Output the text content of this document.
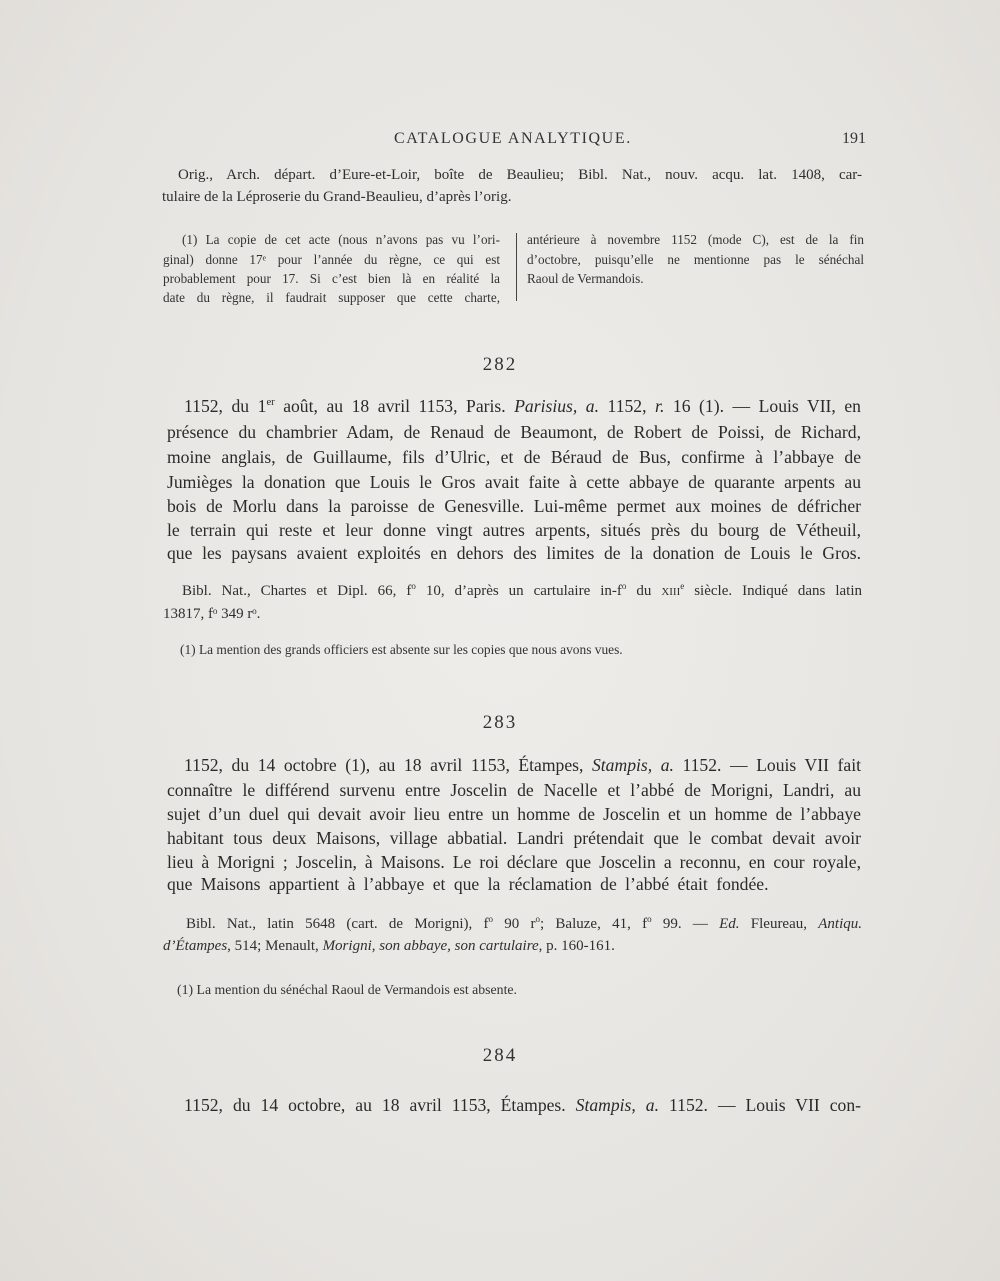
CATALOGUE ANALYTIQUE.	191
Orig., Arch. départ. d’Eure-et-Loir, boîte de Beaulieu; Bibl. Nat., nouv. acqu. lat. 1408, car-
tulaire de la Léproserie du Grand-Beaulieu, d’après l’orig.
(1) La copie de cet acte (nous n’avons pas vu l’ori-
ginal) donne 17ᵉ pour l’année du règne, ce qui est
probablement pour 17. Si c’est bien là en réalité la
date du règne, il faudrait supposer que cette charte,
antérieure à novembre 1152 (mode C), est de la fin
d’octobre, puisqu’elle ne mentionne pas le sénéchal
Raoul de Vermandois.
282
1152, du 1er août, au 18 avril 1153, Paris. Parisius, a. 1152, r. 16 (1). — Louis VII, en
présence du chambrier Adam, de Renaud de Beaumont, de Robert de Poissi, de Richard,
moine anglais, de Guillaume, fils d’Ulric, et de Béraud de Bus, confirme à l’abbaye de
Jumièges la donation que Louis le Gros avait faite à cette abbaye de quarante arpents au
bois de Morlu dans la paroisse de Genesville. Lui-même permet aux moines de défricher
le terrain qui reste et leur donne vingt autres arpents, situés près du bourg de Vétheuil,
que les paysans avaient exploités en dehors des limites de la donation de Louis le Gros.
Bibl. Nat., Chartes et Dipl. 66, $f^o$ 10, d’après un cartulaire $in-f^o$ du xiii$^e$ siècle. Indiqué dans latin
13817, fᵒ 349 rᵒ.
(1) La mention des grands officiers est absente sur les copies que nous avons vues.
283
1152, du 14 octobre (1), au 18 avril 1153, Étampes, Stampis, a. 1152. — Louis VII fait
connaître le différend survenu entre Joscelin de Nacelle et l’abbé de Morigni, Landri, au
sujet d’un duel qui devait avoir lieu entre un homme de Joscelin et un homme de l’abbaye
habitant tous deux Maisons, village abbatial. Landri prétendait que le combat devait avoir
lieu à Morigni ; Joscelin, à Maisons. Le roi déclare que Joscelin a reconnu, en cour royale,
que Maisons appartient à l’abbaye et que la réclamation de l’abbé était fondée.
Bibl. Nat., latin 5648 (cart. de Morigni), $f^o$ 90 $r^o$; Baluze, 41, $f^o$ 99. — Ed. Fleureau, Antiqu.
d’Étampes, 514; Menault, Morigni, son abbaye, son cartulaire, p. 160-161.
(1) La mention du sénéchal Raoul de Vermandois est absente.
284
1152, du 14 octobre, au 18 avril 1153, Étampes. Stampis, a. 1152. — Louis VII con-
